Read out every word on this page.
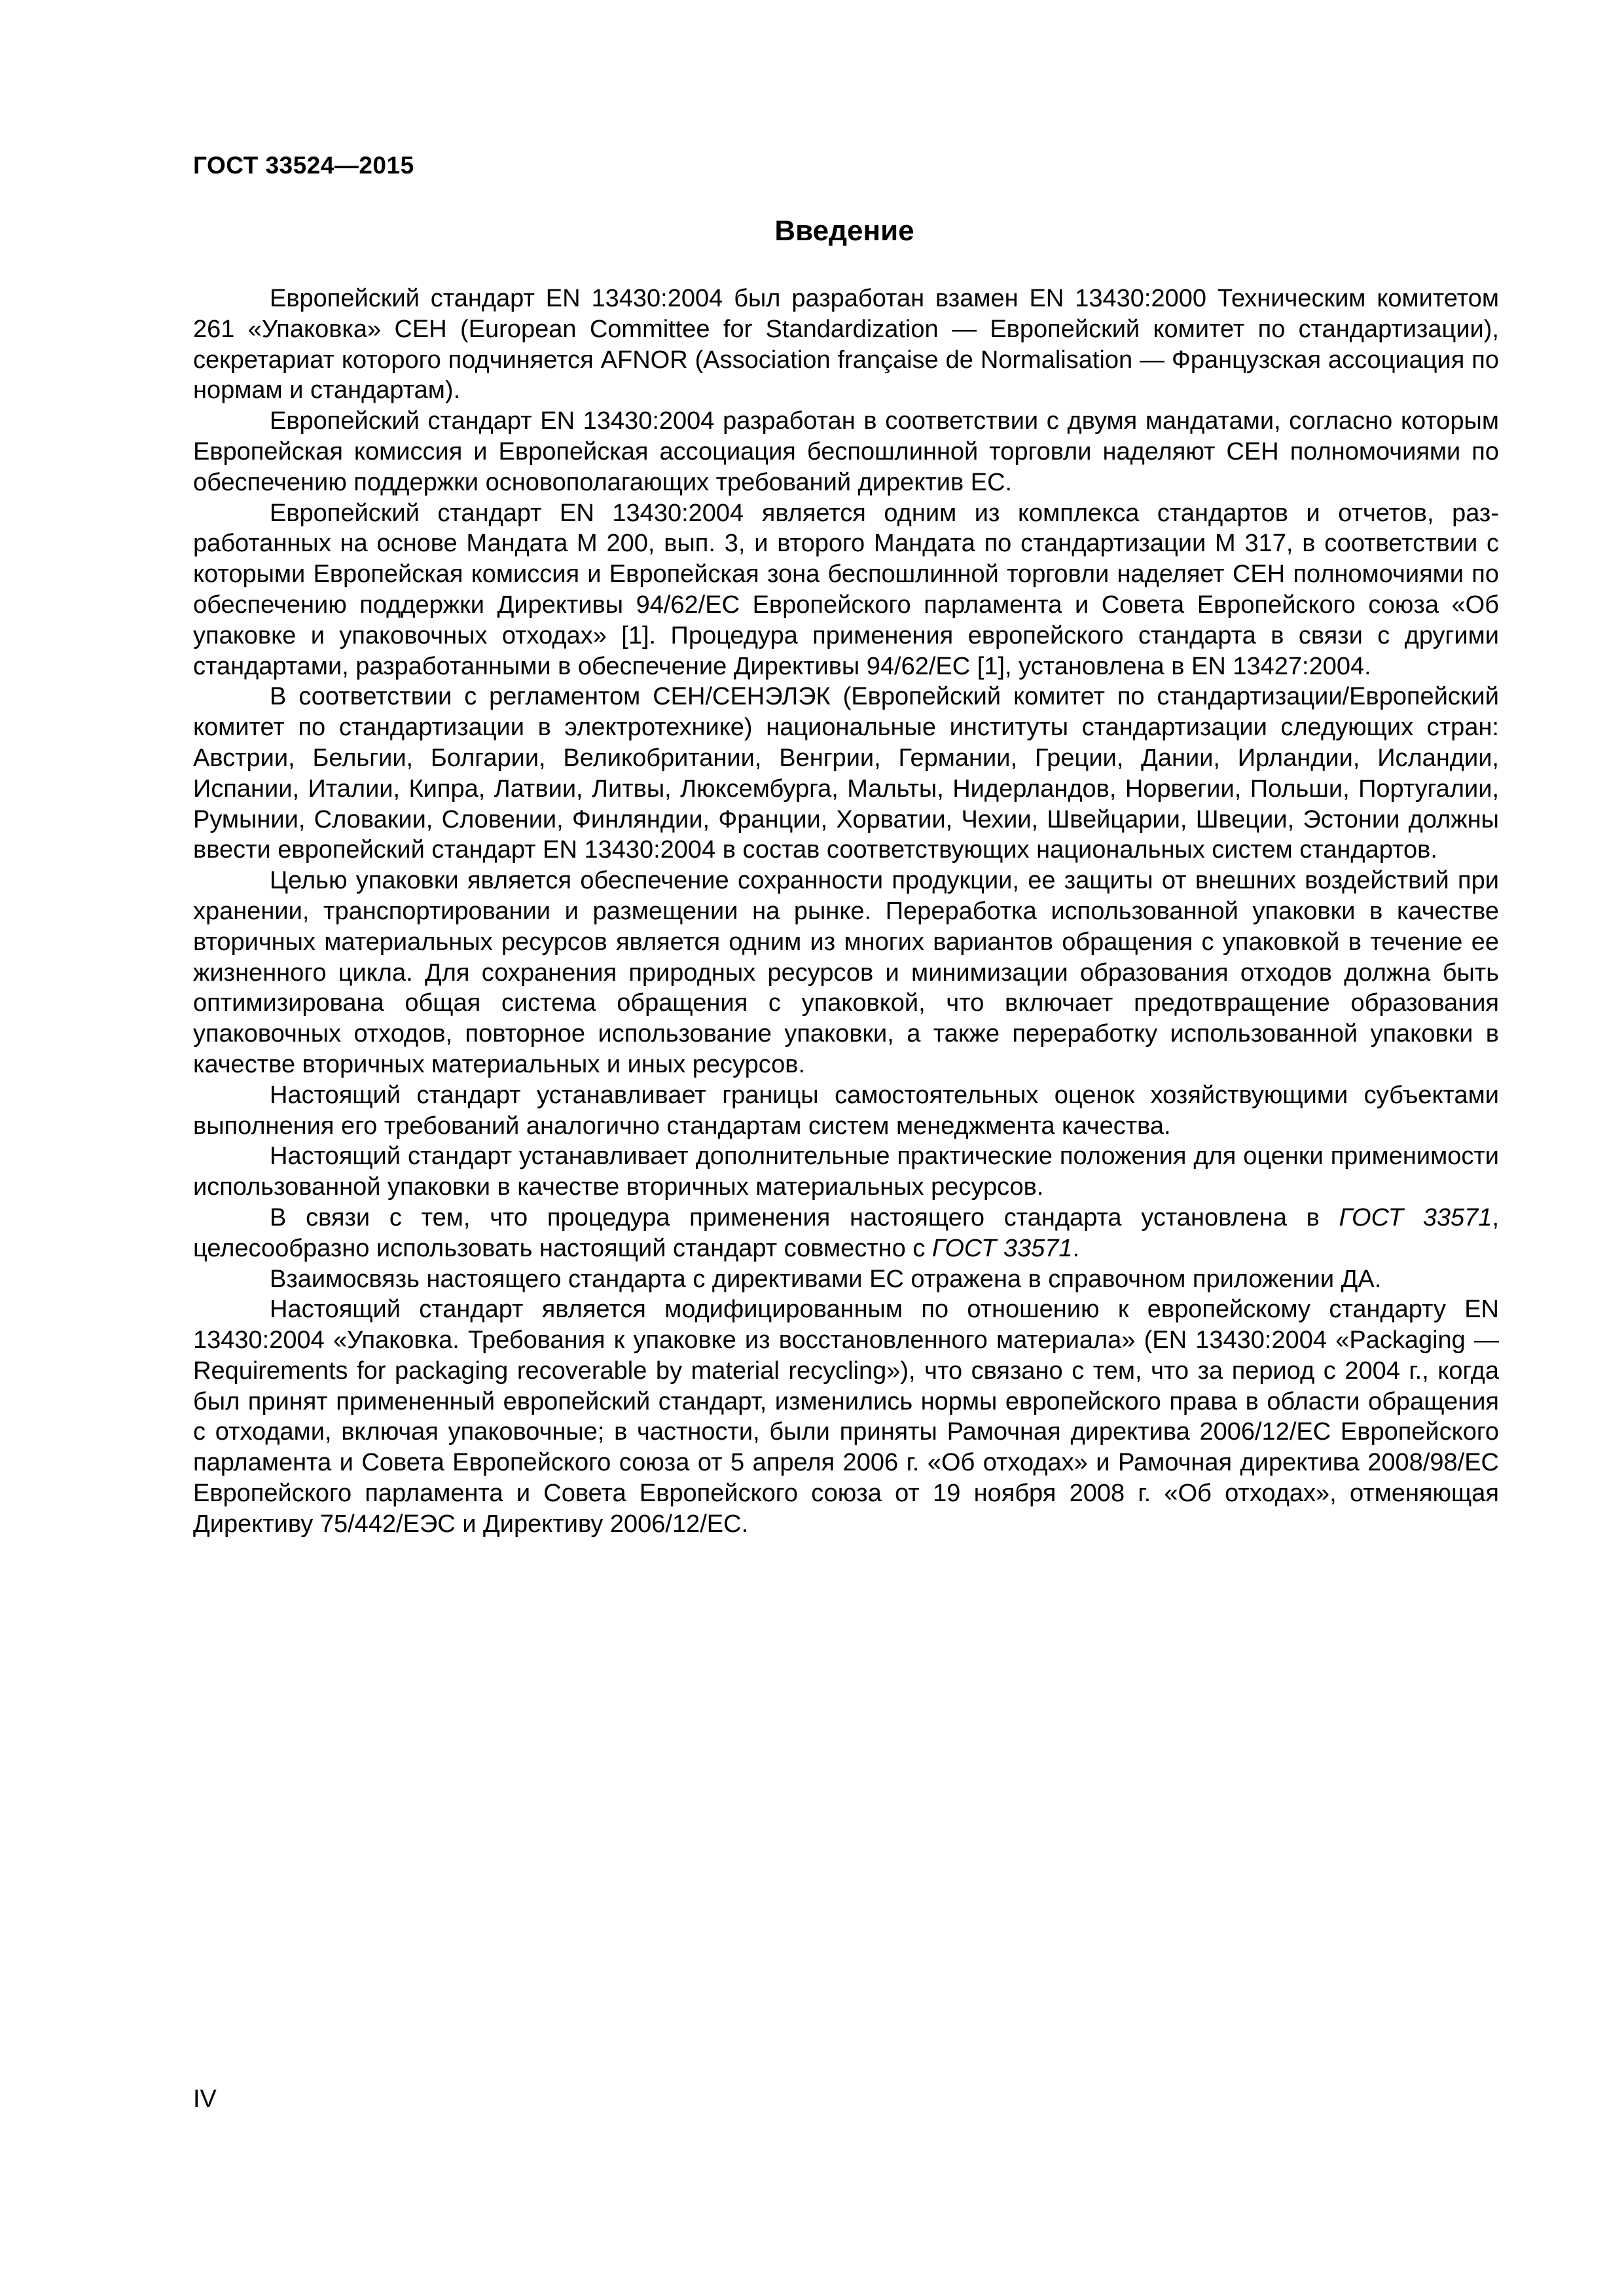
ГОСТ 33524—2015
Введение

Европейский стандарт EN 13430:2004 был разработан взамен EN 13430:2000 Техническим комитетом 261 «Упаковка» СЕН (European Committee for Standardization — Европейский комитет по стандартизации), секретариат которого подчиняется AFNOR (Association française de Normalisation — Французская ассоциация по нормам и стандартам).

Европейский стандарт EN 13430:2004 разработан в соответствии с двумя мандатами, согласно которым Европейская комиссия и Европейская ассоциация беспошлинной торговли наделяют СЕН полномочиями по обеспечению поддержки основополагающих требований директив ЕС.

Европейский стандарт EN 13430:2004 является одним из комплекса стандартов и отчетов, разработанных на основе Мандата М 200, вып. 3, и второго Мандата по стандартизации М 317, в соответствии с которыми Европейская комиссия и Европейская зона беспошлинной торговли наделяет СЕН полномочиями по обеспечению поддержки Директивы 94/62/ЕС Европейского парламента и Совета Европейского союза «Об упаковке и упаковочных отходах» [1]. Процедура применения европейского стандарта в связи с другими стандартами, разработанными в обеспечение Директивы 94/62/ЕС [1], установлена в EN 13427:2004.

В соответствии с регламентом СЕН/СЕНЭЛЭК (Европейский комитет по стандартизации/Европейский комитет по стандартизации в электротехнике) национальные институты стандартизации следующих стран: Австрии, Бельгии, Болгарии, Великобритании, Венгрии, Германии, Греции, Дании, Ирландии, Исландии, Испании, Италии, Кипра, Латвии, Литвы, Люксембурга, Мальты, Нидерландов, Норвегии, Польши, Португалии, Румынии, Словакии, Словении, Финляндии, Франции, Хорватии, Чехии, Швейцарии, Швеции, Эстонии должны ввести европейский стандарт EN 13430:2004 в состав соответствующих национальных систем стандартов.

Целью упаковки является обеспечение сохранности продукции, ее защиты от внешних воздействий при хранении, транспортировании и размещении на рынке. Переработка использованной упаковки в качестве вторичных материальных ресурсов является одним из многих вариантов обращения с упаковкой в течение ее жизненного цикла. Для сохранения природных ресурсов и минимизации образования отходов должна быть оптимизирована общая система обращения с упаковкой, что включает предотвращение образования упаковочных отходов, повторное использование упаковки, а также переработку использованной упаковки в качестве вторичных материальных и иных ресурсов.

Настоящий стандарт устанавливает границы самостоятельных оценок хозяйствующими субъектами выполнения его требований аналогично стандартам систем менеджмента качества.

Настоящий стандарт устанавливает дополнительные практические положения для оценки применимости использованной упаковки в качестве вторичных материальных ресурсов.

В связи с тем, что процедура применения настоящего стандарта установлена в ГОСТ 33571, целесообразно использовать настоящий стандарт совместно с ГОСТ 33571.

Взаимосвязь настоящего стандарта с директивами ЕС отражена в справочном приложении ДА.

Настоящий стандарт является модифицированным по отношению к европейскому стандарту EN 13430:2004 «Упаковка. Требования к упаковке из восстановленного материала» (EN 13430:2004 «Packaging — Requirements for packaging recoverable by material recycling»), что связано с тем, что за период с 2004 г., когда был принят примененный европейский стандарт, изменились нормы европейского права в области обращения с отходами, включая упаковочные; в частности, были приняты Рамочная директива 2006/12/ЕС Европейского парламента и Совета Европейского союза от 5 апреля 2006 г. «Об отходах» и Рамочная директива 2008/98/ЕС Европейского парламента и Совета Европейского союза от 19 ноября 2008 г. «Об отходах», отменяющая Директиву 75/442/ЕЭС и Директиву 2006/12/ЕС.

IV
